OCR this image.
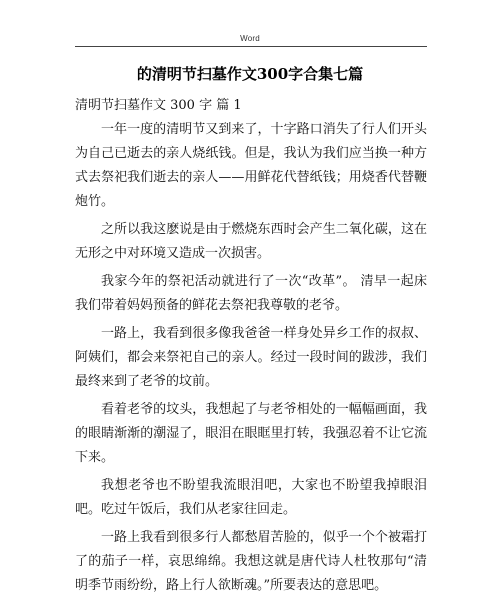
Word
的清明节扫墓作文300字合集七篇
清明节扫墓作文 300 字 篇 1

一年一度的清明节又到来了，十字路口消失了行人们开头为自己已逝去的亲人烧纸钱。但是，我认为我们应当换一种方式去祭祀我们逝去的亲人——用鲜花代替纸钱；用烧香代替鞭炮竹。

之所以我这麽说是由于燃烧东西时会产生二氧化碳，这在无形之中对环境又造成一次损害。

我家今年的祭祀活动就进行了一次“改革”。 清早一起床我们带着妈妈预备的鲜花去祭祀我尊敬的老爷。

一路上，我看到很多像我爸爸一样身处异乡工作的叔叔、阿姨们，都会来祭祀自己的亲人。经过一段时间的跋涉，我们最终来到了老爷的坟前。

看着老爷的坟头，我想起了与老爷相处的一幅幅画面，我的眼睛渐渐的潮湿了，眼泪在眼眶里打转，我强忍着不让它流下来。

我想老爷也不盼望我流眼泪吧，大家也不盼望我掉眼泪吧。吃过午饭后，我们从老家往回走。

一路上我看到很多行人都愁眉苦脸的，似乎一个个被霜打了的茄子一样，哀思绵绵。我想这就是唐代诗人杜牧那句“清明季节雨纷纷，路上行人欲断魂。”所要表达的意思吧。
